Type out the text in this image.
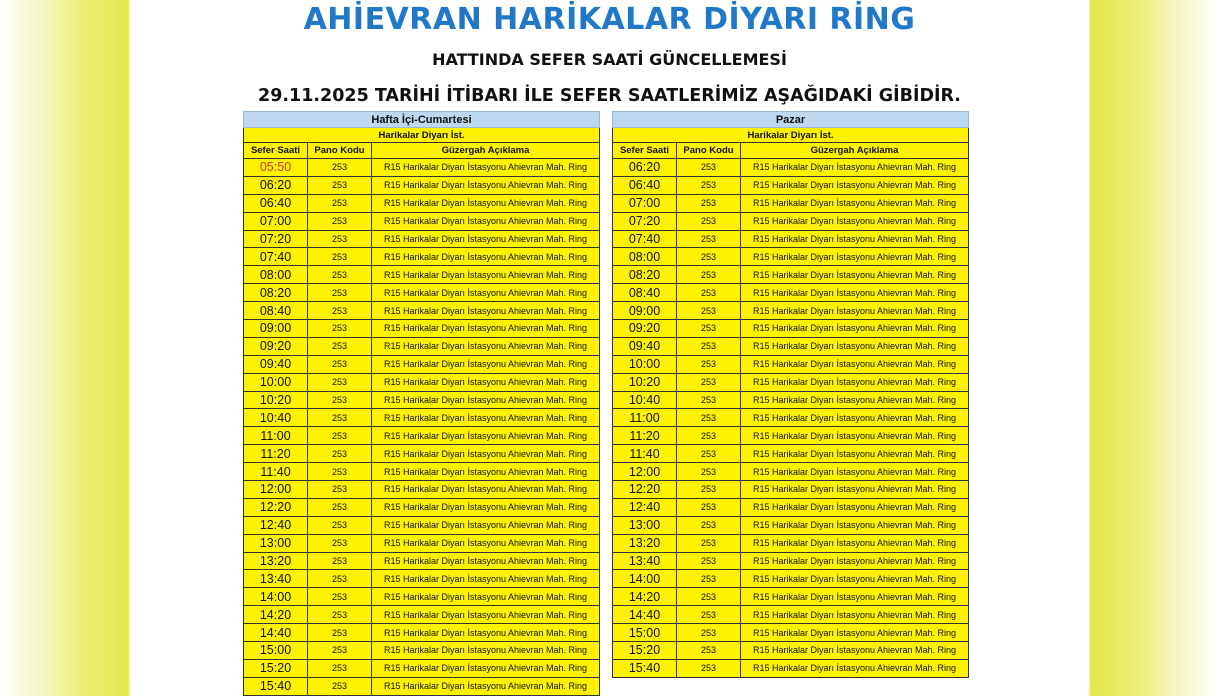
AHİEVRAN HARİKALAR DİYARI RİNG
HATTINDA SEFER SAATİ GÜNCELLEMESİ
29.11.2025 TARİHİ İTİBARI İLE SEFER SAATLERİMİZ AŞAĞIDAKİ GİBİDİR.
Hafta İçi-Cumartesi		
Harikalar Diyarı İst.		
Sefer Saati	Pano Kodu	Güzergah Açıklama
05:50	253	R15 Harikalar Diyarı İstasyonu Ahievran Mah. Ring
06:20	253	R15 Harikalar Diyarı İstasyonu Ahievran Mah. Ring
06:40	253	R15 Harikalar Diyarı İstasyonu Ahievran Mah. Ring
07:00	253	R15 Harikalar Diyarı İstasyonu Ahievran Mah. Ring
07:20	253	R15 Harikalar Diyarı İstasyonu Ahievran Mah. Ring
07:40	253	R15 Harikalar Diyarı İstasyonu Ahievran Mah. Ring
08:00	253	R15 Harikalar Diyarı İstasyonu Ahievran Mah. Ring
08:20	253	R15 Harikalar Diyarı İstasyonu Ahievran Mah. Ring
08:40	253	R15 Harikalar Diyarı İstasyonu Ahievran Mah. Ring
09:00	253	R15 Harikalar Diyarı İstasyonu Ahievran Mah. Ring
09:20	253	R15 Harikalar Diyarı İstasyonu Ahievran Mah. Ring
09:40	253	R15 Harikalar Diyarı İstasyonu Ahievran Mah. Ring
10:00	253	R15 Harikalar Diyarı İstasyonu Ahievran Mah. Ring
10:20	253	R15 Harikalar Diyarı İstasyonu Ahievran Mah. Ring
10:40	253	R15 Harikalar Diyarı İstasyonu Ahievran Mah. Ring
11:00	253	R15 Harikalar Diyarı İstasyonu Ahievran Mah. Ring
11:20	253	R15 Harikalar Diyarı İstasyonu Ahievran Mah. Ring
11:40	253	R15 Harikalar Diyarı İstasyonu Ahievran Mah. Ring
12:00	253	R15 Harikalar Diyarı İstasyonu Ahievran Mah. Ring
12:20	253	R15 Harikalar Diyarı İstasyonu Ahievran Mah. Ring
12:40	253	R15 Harikalar Diyarı İstasyonu Ahievran Mah. Ring
13:00	253	R15 Harikalar Diyarı İstasyonu Ahievran Mah. Ring
13:20	253	R15 Harikalar Diyarı İstasyonu Ahievran Mah. Ring
13:40	253	R15 Harikalar Diyarı İstasyonu Ahievran Mah. Ring
14:00	253	R15 Harikalar Diyarı İstasyonu Ahievran Mah. Ring
14:20	253	R15 Harikalar Diyarı İstasyonu Ahievran Mah. Ring
14:40	253	R15 Harikalar Diyarı İstasyonu Ahievran Mah. Ring
15:00	253	R15 Harikalar Diyarı İstasyonu Ahievran Mah. Ring
15:20	253	R15 Harikalar Diyarı İstasyonu Ahievran Mah. Ring
15:40	253	R15 Harikalar Diyarı İstasyonu Ahievran Mah. Ring
Pazar		
Harikalar Diyarı İst.		
Sefer Saati	Pano Kodu	Güzergah Açıklama
06:20	253	R15 Harikalar Diyarı İstasyonu Ahievran Mah. Ring
06:40	253	R15 Harikalar Diyarı İstasyonu Ahievran Mah. Ring
07:00	253	R15 Harikalar Diyarı İstasyonu Ahievran Mah. Ring
07:20	253	R15 Harikalar Diyarı İstasyonu Ahievran Mah. Ring
07:40	253	R15 Harikalar Diyarı İstasyonu Ahievran Mah. Ring
08:00	253	R15 Harikalar Diyarı İstasyonu Ahievran Mah. Ring
08:20	253	R15 Harikalar Diyarı İstasyonu Ahievran Mah. Ring
08:40	253	R15 Harikalar Diyarı İstasyonu Ahievran Mah. Ring
09:00	253	R15 Harikalar Diyarı İstasyonu Ahievran Mah. Ring
09:20	253	R15 Harikalar Diyarı İstasyonu Ahievran Mah. Ring
09:40	253	R15 Harikalar Diyarı İstasyonu Ahievran Mah. Ring
10:00	253	R15 Harikalar Diyarı İstasyonu Ahievran Mah. Ring
10:20	253	R15 Harikalar Diyarı İstasyonu Ahievran Mah. Ring
10:40	253	R15 Harikalar Diyarı İstasyonu Ahievran Mah. Ring
11:00	253	R15 Harikalar Diyarı İstasyonu Ahievran Mah. Ring
11:20	253	R15 Harikalar Diyarı İstasyonu Ahievran Mah. Ring
11:40	253	R15 Harikalar Diyarı İstasyonu Ahievran Mah. Ring
12:00	253	R15 Harikalar Diyarı İstasyonu Ahievran Mah. Ring
12:20	253	R15 Harikalar Diyarı İstasyonu Ahievran Mah. Ring
12:40	253	R15 Harikalar Diyarı İstasyonu Ahievran Mah. Ring
13:00	253	R15 Harikalar Diyarı İstasyonu Ahievran Mah. Ring
13:20	253	R15 Harikalar Diyarı İstasyonu Ahievran Mah. Ring
13:40	253	R15 Harikalar Diyarı İstasyonu Ahievran Mah. Ring
14:00	253	R15 Harikalar Diyarı İstasyonu Ahievran Mah. Ring
14:20	253	R15 Harikalar Diyarı İstasyonu Ahievran Mah. Ring
14:40	253	R15 Harikalar Diyarı İstasyonu Ahievran Mah. Ring
15:00	253	R15 Harikalar Diyarı İstasyonu Ahievran Mah. Ring
15:20	253	R15 Harikalar Diyarı İstasyonu Ahievran Mah. Ring
15:40	253	R15 Harikalar Diyarı İstasyonu Ahievran Mah. Ring
